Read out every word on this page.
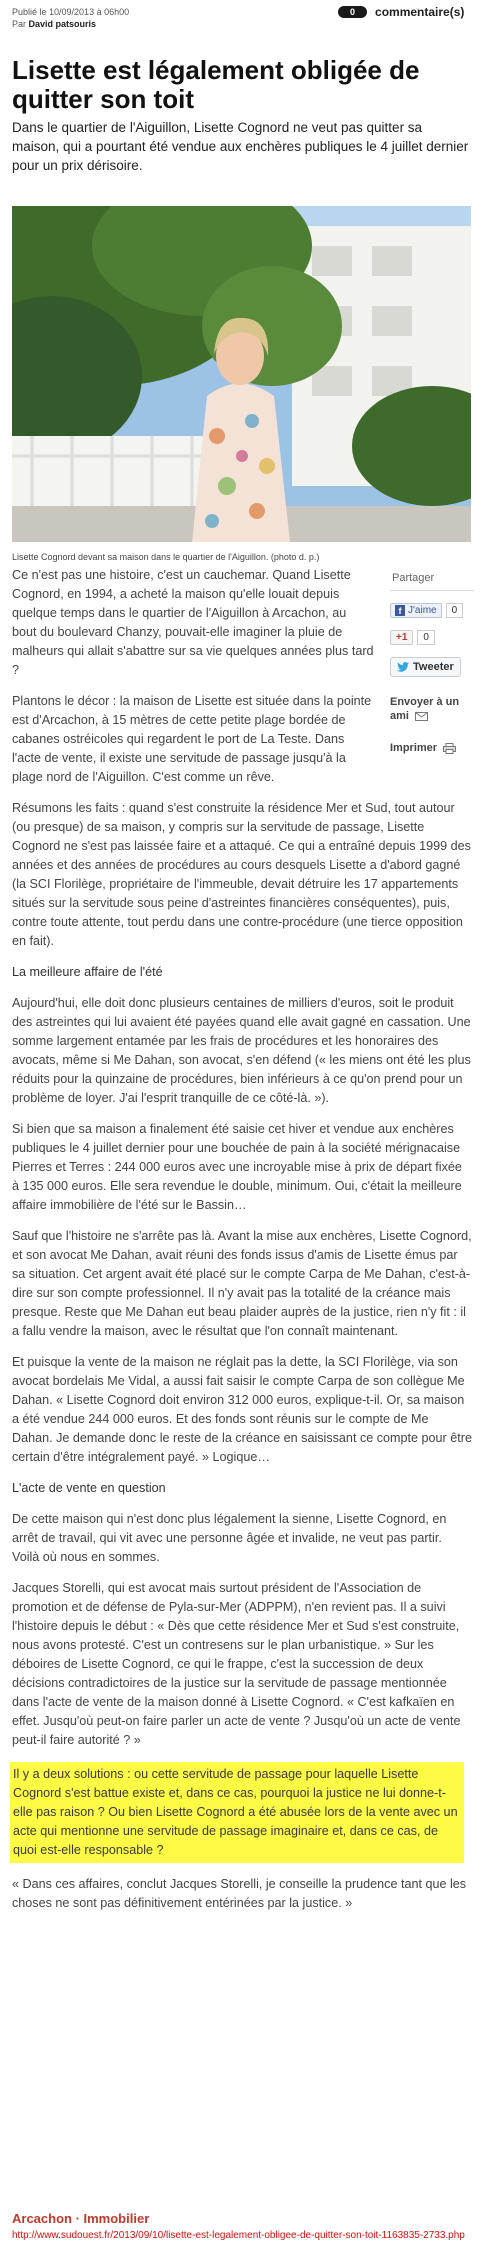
Publié le 10/09/2013 à 06h00
Par David patsouris
0	commentaire(s)
Lisette est légalement obligée de quitter son toit

Dans le quartier de l'Aiguillon, Lisette Cognord ne veut pas quitter sa maison, qui a pourtant été vendue aux enchères publiques le 4 juillet dernier pour un prix dérisoire.

Lisette Cognord devant sa maison dans le quartier de l'Aiguillon. (photo d. p.)

Ce n'est pas une histoire, c'est un cauchemar. Quand Lisette Cognord, en 1994, a acheté la maison qu'elle louait depuis quelque temps dans le quartier de l'Aiguillon à Arcachon, au bout du boulevard Chanzy, pouvait-elle imaginer la pluie de malheurs qui allait s'abattre sur sa vie quelques années plus tard ?

Plantons le décor : la maison de Lisette est située dans la pointe est d'Arcachon, à 15 mètres de cette petite plage bordée de cabanes ostréicoles qui regardent le port de La Teste. Dans l'acte de vente, il existe une servitude de passage jusqu'à la plage nord de l'Aiguillon. C'est comme un rêve.

Résumons les faits : quand s'est construite la résidence Mer et Sud, tout autour (ou presque) de sa maison, y compris sur la servitude de passage, Lisette Cognord ne s'est pas laissée faire et a attaqué. Ce qui a entraîné depuis 1999 des années et des années de procédures au cours desquels Lisette a d'abord gagné (la SCI Florilège, propriétaire de l'immeuble, devait détruire les 17 appartements situés sur la servitude sous peine d'astreintes financières conséquentes), puis, contre toute attente, tout perdu dans une contre-procédure (une tierce opposition en fait).

La meilleure affaire de l'été

Aujourd'hui, elle doit donc plusieurs centaines de milliers d'euros, soit le produit des astreintes qui lui avaient été payées quand elle avait gagné en cassation. Une somme largement entamée par les frais de procédures et les honoraires des avocats, même si Me Dahan, son avocat, s'en défend (« les miens ont été les plus réduits pour la quinzaine de procédures, bien inférieurs à ce qu'on prend pour un problème de loyer. J'ai l'esprit tranquille de ce côté-là. »).

Si bien que sa maison a finalement été saisie cet hiver et vendue aux enchères publiques le 4 juillet dernier pour une bouchée de pain à la société mérignacaise Pierres et Terres : 244 000 euros avec une incroyable mise à prix de départ fixée à 135 000 euros. Elle sera revendue le double, minimum. Oui, c'était la meilleure affaire immobilière de l'été sur le Bassin…

Sauf que l'histoire ne s'arrête pas là. Avant la mise aux enchères, Lisette Cognord, et son avocat Me Dahan, avait réuni des fonds issus d'amis de Lisette émus par sa situation. Cet argent avait été placé sur le compte Carpa de Me Dahan, c'est-à-dire sur son compte professionnel. Il n'y avait pas la totalité de la créance mais presque. Reste que Me Dahan eut beau plaider auprès de la justice, rien n'y fit : il a fallu vendre la maison, avec le résultat que l'on connaît maintenant.

Et puisque la vente de la maison ne réglait pas la dette, la SCI Florilège, via son avocat bordelais Me Vidal, a aussi fait saisir le compte Carpa de son collègue Me Dahan. « Lisette Cognord doit environ 312 000 euros, explique-t-il. Or, sa maison a été vendue 244 000 euros. Et des fonds sont réunis sur le compte de Me Dahan. Je demande donc le reste de la créance en saisissant ce compte pour être certain d'être intégralement payé. » Logique…

L'acte de vente en question

De cette maison qui n'est donc plus légalement la sienne, Lisette Cognord, en arrêt de travail, qui vit avec une personne âgée et invalide, ne veut pas partir. Voilà où nous en sommes.

Jacques Storelli, qui est avocat mais surtout président de l'Association de promotion et de défense de Pyla-sur-Mer (ADPPM), n'en revient pas. Il a suivi l'histoire depuis le début : « Dès que cette résidence Mer et Sud s'est construite, nous avons protesté. C'est un contresens sur le plan urbanistique. » Sur les déboires de Lisette Cognord, ce qui le frappe, c'est la succession de deux décisions contradictoires de la justice sur la servitude de passage mentionnée dans l'acte de vente de la maison donné à Lisette Cognord. « C'est kafkaïen en effet. Jusqu'où peut-on faire parler un acte de vente ? Jusqu'où un acte de vente peut-il faire autorité ? »

Il y a deux solutions : ou cette servitude de passage pour laquelle Lisette Cognord s'est battue existe et, dans ce cas, pourquoi la justice ne lui donne-t-elle pas raison ? Ou bien Lisette Cognord a été abusée lors de la vente avec un acte qui mentionne une servitude de passage imaginaire et, dans ce cas, de quoi est-elle responsable ?

« Dans ces affaires, conclut Jacques Storelli, je conseille la prudence tant que les choses ne sont pas définitivement entérinées par la justice. »

Partager
f J'aime	0
+1	0
Tweeter
Envoyer à un ami
Imprimer
Arcachon · Immobilier
http://www.sudouest.fr/2013/09/10/lisette-est-legalement-obligee-de-quitter-son-toit-1163835-2733.php
